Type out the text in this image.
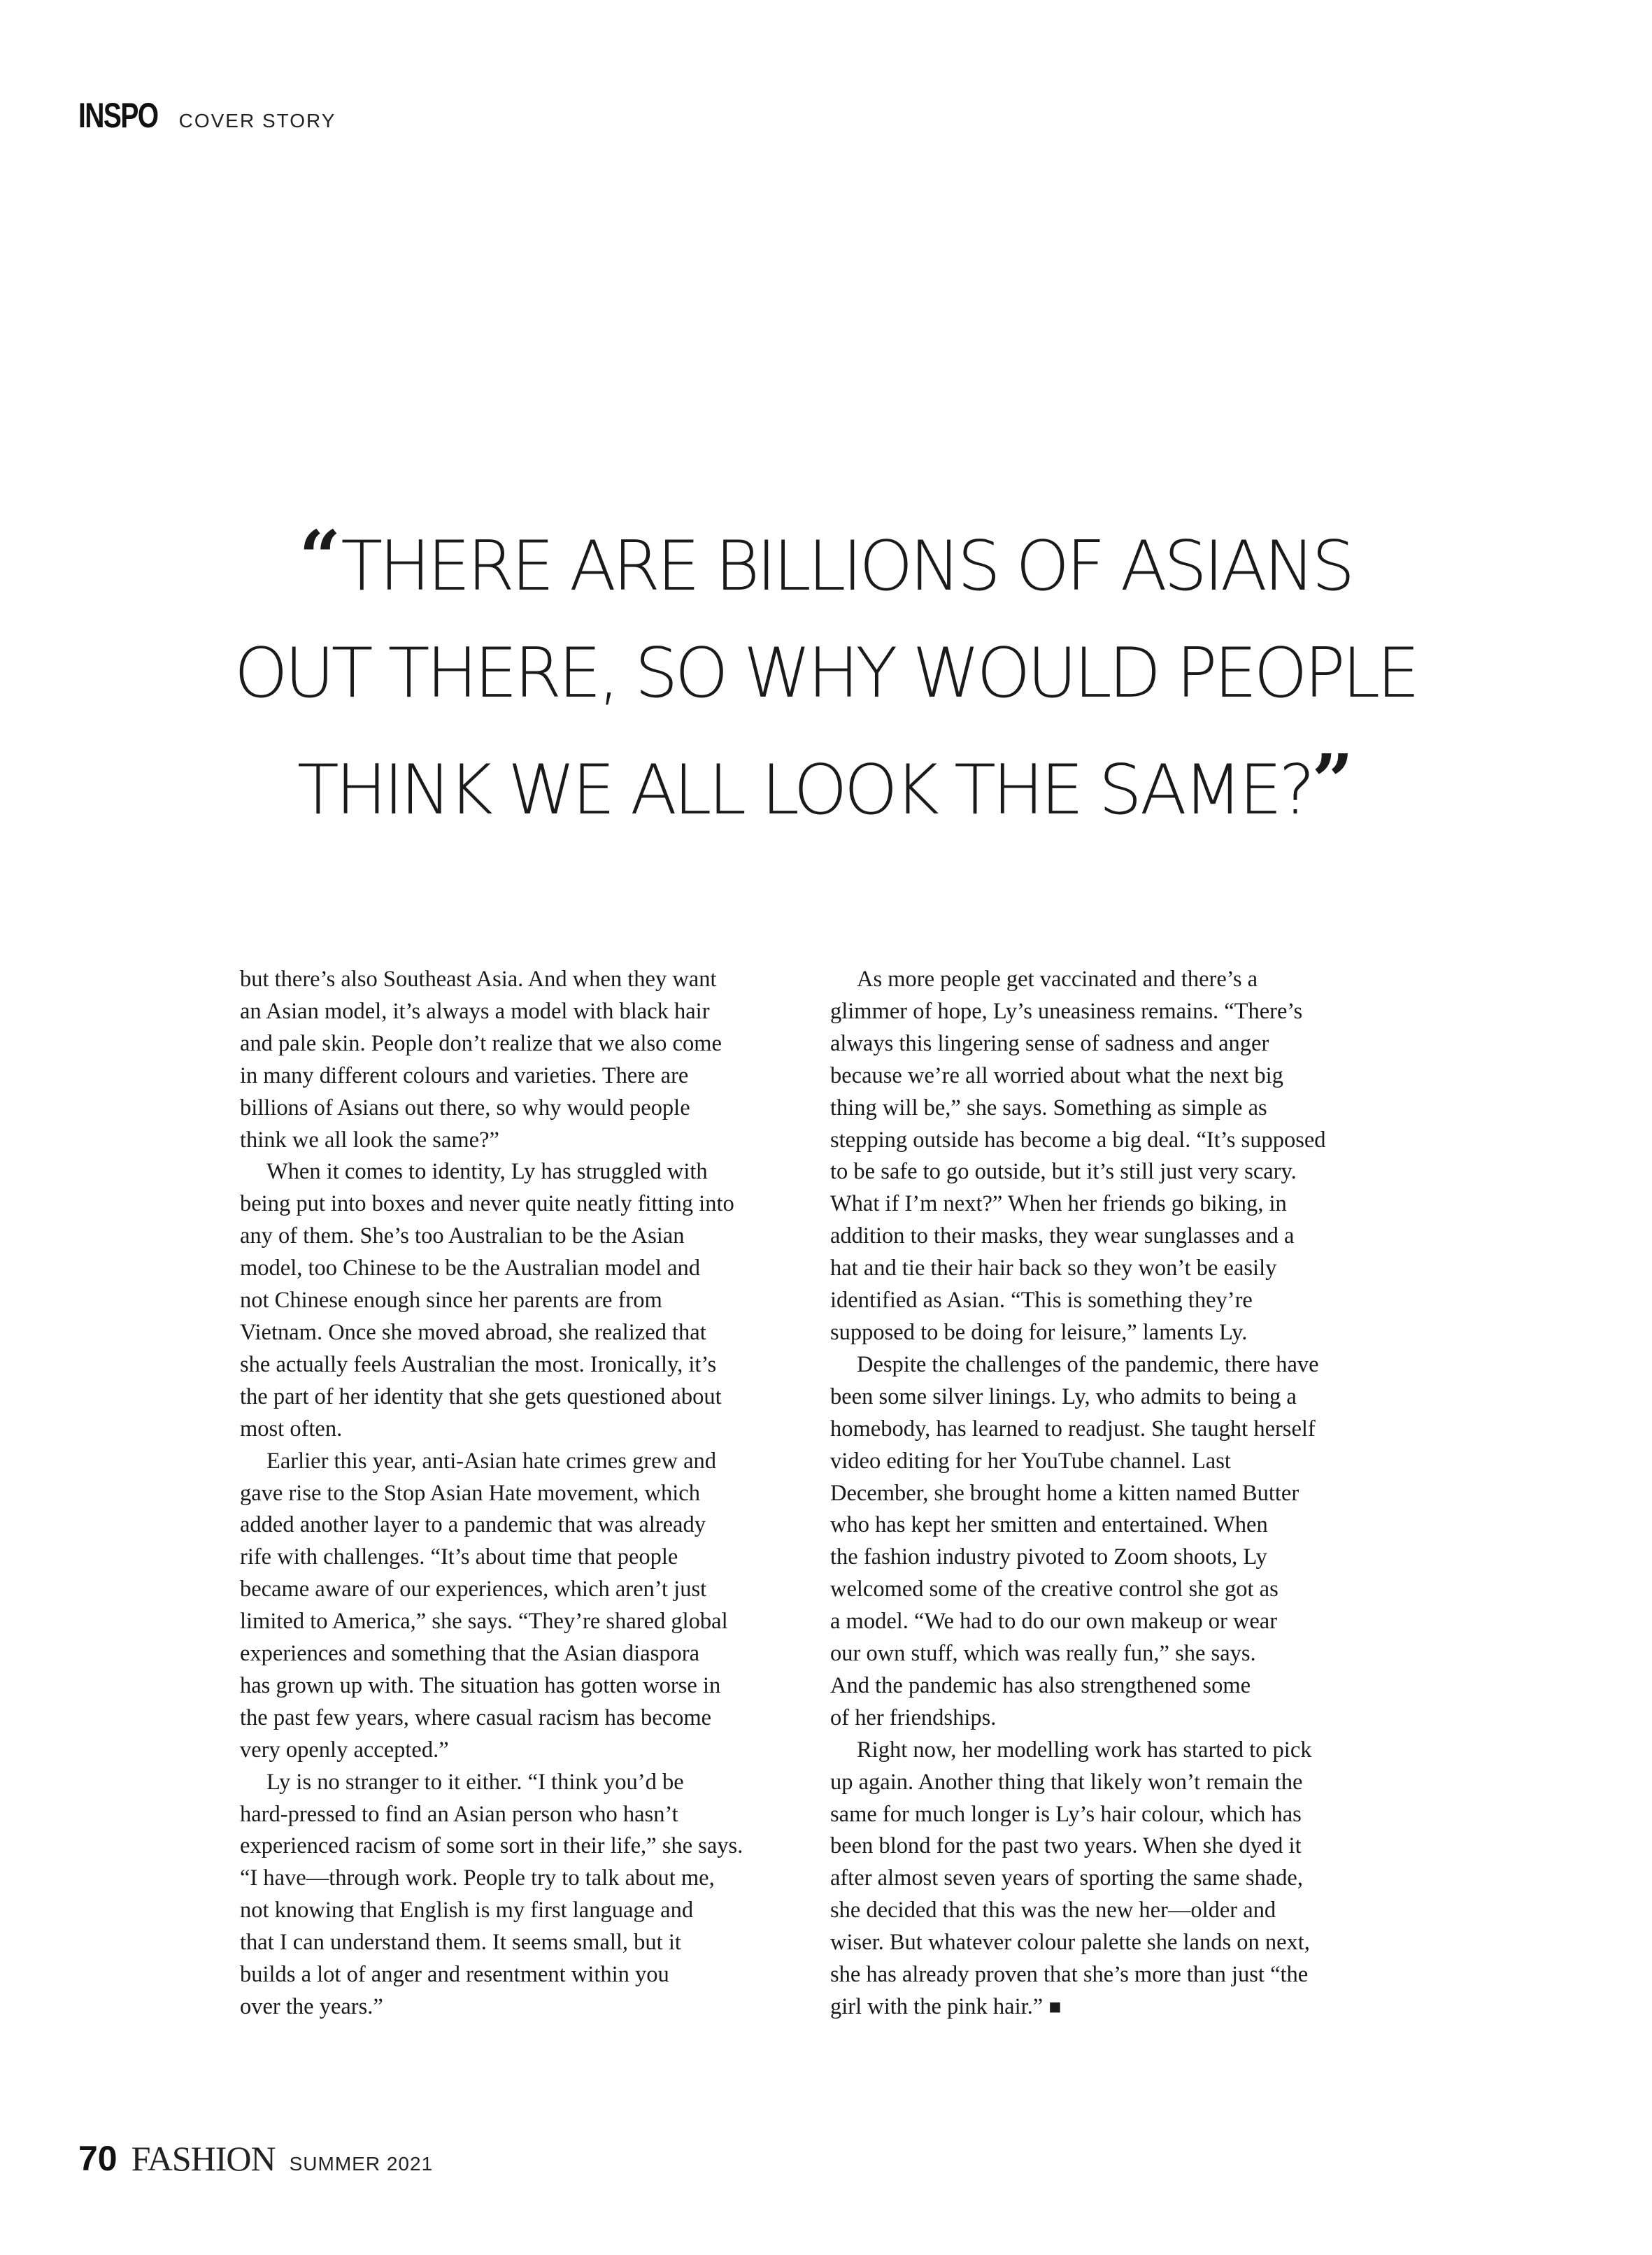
INSPO COVER STORY
“THERE ARE BILLIONS OF ASIANS
OUT THERE, SO WHY WOULD PEOPLE
THINK WE ALL LOOK THE SAME?”

but there’s also Southeast Asia. And when they want
an Asian model, it’s always a model with black hair
and pale skin. People don’t realize that we also come
in many different colours and varieties. There are
billions of Asians out there, so why would people
think we all look the same?”

When it comes to identity, Ly has struggled with
being put into boxes and never quite neatly fitting into
any of them. She’s too Australian to be the Asian
model, too Chinese to be the Australian model and
not Chinese enough since her parents are from
Vietnam. Once she moved abroad, she realized that
she actually feels Australian the most. Ironically, it’s
the part of her identity that she gets questioned about
most often.

Earlier this year, anti-Asian hate crimes grew and
gave rise to the Stop Asian Hate movement, which
added another layer to a pandemic that was already
rife with challenges. “It’s about time that people
became aware of our experiences, which aren’t just
limited to America,” she says. “They’re shared global
experiences and something that the Asian diaspora
has grown up with. The situation has gotten worse in
the past few years, where casual racism has become
very openly accepted.”

Ly is no stranger to it either. “I think you’d be
hard-pressed to find an Asian person who hasn’t
experienced racism of some sort in their life,” she says.
“I have—through work. People try to talk about me,
not knowing that English is my first language and
that I can understand them. It seems small, but it
builds a lot of anger and resentment within you
over the years.”

As more people get vaccinated and there’s a
glimmer of hope, Ly’s uneasiness remains. “There’s
always this lingering sense of sadness and anger
because we’re all worried about what the next big
thing will be,” she says. Something as simple as
stepping outside has become a big deal. “It’s supposed
to be safe to go outside, but it’s still just very scary.
What if I’m next?” When her friends go biking, in
addition to their masks, they wear sunglasses and a
hat and tie their hair back so they won’t be easily
identified as Asian. “This is something they’re
supposed to be doing for leisure,” laments Ly.

Despite the challenges of the pandemic, there have
been some silver linings. Ly, who admits to being a
homebody, has learned to readjust. She taught herself
video editing for her YouTube channel. Last
December, she brought home a kitten named Butter
who has kept her smitten and entertained. When
the fashion industry pivoted to Zoom shoots, Ly
welcomed some of the creative control she got as
a model. “We had to do our own makeup or wear
our own stuff, which was really fun,” she says.
And the pandemic has also strengthened some
of her friendships.

Right now, her modelling work has started to pick
up again. Another thing that likely won’t remain the
same for much longer is Ly’s hair colour, which has
been blond for the past two years. When she dyed it
after almost seven years of sporting the same shade,
she decided that this was the new her—older and
wiser. But whatever colour palette she lands on next,
she has already proven that she’s more than just “the
girl with the pink hair.” ■

70 FASHION SUMMER 2021
